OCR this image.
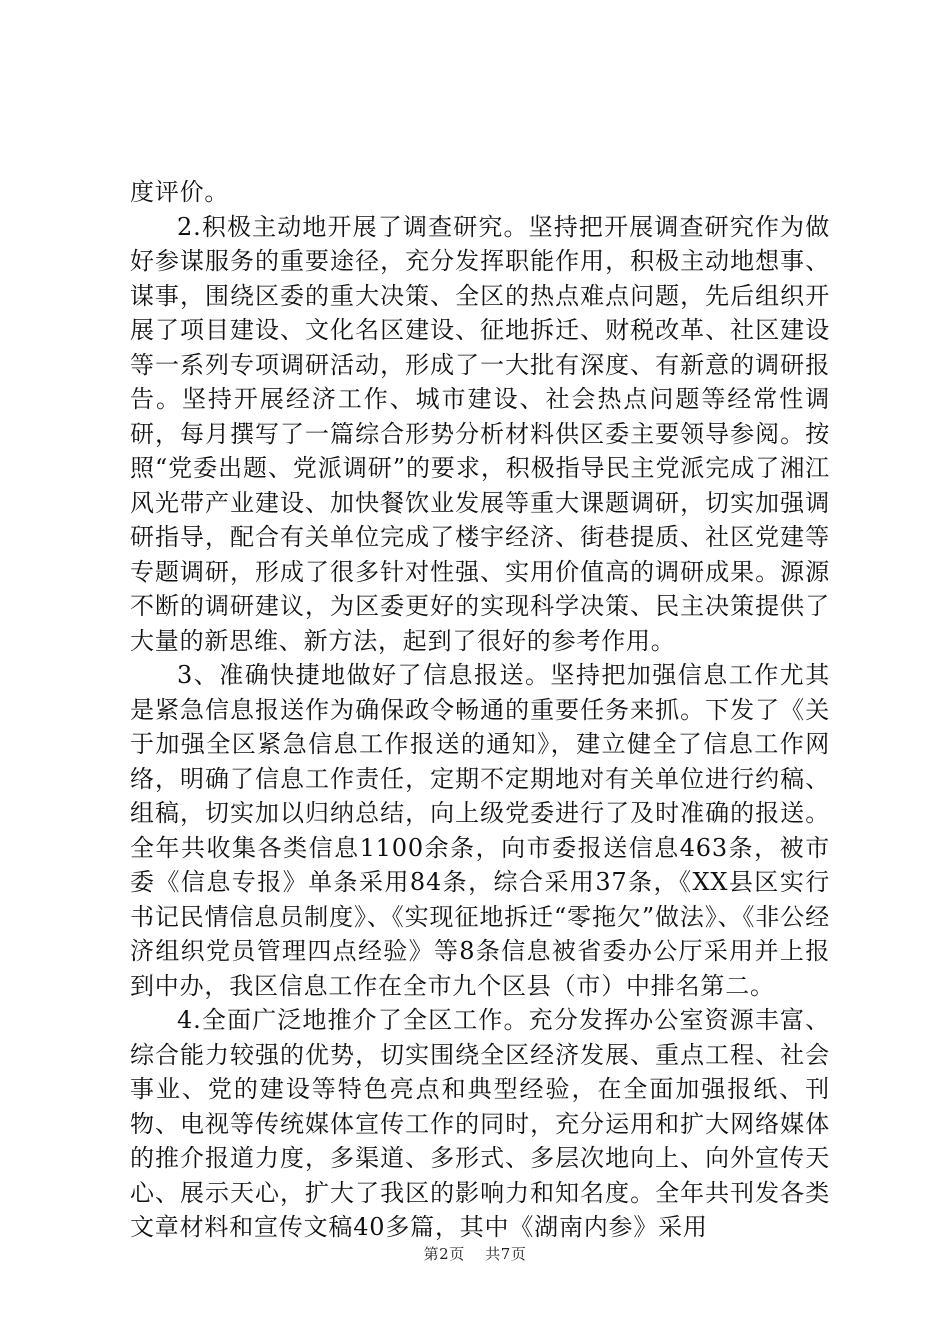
度评价。

2.积极主动地开展了调查研究。坚持把开展调查研究作为做好参谋服务的重要途径，充分发挥职能作用，积极主动地想事、谋事，围绕区委的重大决策、全区的热点难点问题，先后组织开展了项目建设、文化名区建设、征地拆迁、财税改革、社区建设等一系列专项调研活动，形成了一大批有深度、有新意的调研报告。坚持开展经济工作、城市建设、社会热点问题等经常性调研，每月撰写了一篇综合形势分析材料供区委主要领导参阅。按照“党委出题、党派调研”的要求，积极指导民主党派完成了湘江风光带产业建设、加快餐饮业发展等重大课题调研，切实加强调研指导，配合有关单位完成了楼宇经济、街巷提质、社区党建等专题调研，形成了很多针对性强、实用价值高的调研成果。源源不断的调研建议，为区委更好的实现科学决策、民主决策提供了大量的新思维、新方法，起到了很好的参考作用。

3、准确快捷地做好了信息报送。坚持把加强信息工作尤其是紧急信息报送作为确保政令畅通的重要任务来抓。下发了《关于加强全区紧急信息工作报送的通知》，建立健全了信息工作网络，明确了信息工作责任，定期不定期地对有关单位进行约稿、组稿，切实加以归纳总结，向上级党委进行了及时准确的报送。全年共收集各类信息1100余条，向市委报送信息463条，被市委《信息专报》单条采用84条，综合采用37条，《XX县区实行书记民情信息员制度》、《实现征地拆迁“零拖欠”做法》、《非公经济组织党员管理四点经验》等8条信息被省委办公厅采用并上报到中办，我区信息工作在全市九个区县（市）中排名第二。

4.全面广泛地推介了全区工作。充分发挥办公室资源丰富、综合能力较强的优势，切实围绕全区经济发展、重点工程、社会事业、党的建设等特色亮点和典型经验，在全面加强报纸、刊物、电视等传统媒体宣传工作的同时，充分运用和扩大网络媒体的推介报道力度，多渠道、多形式、多层次地向上、向外宣传天心、展示天心，扩大了我区的影响力和知名度。全年共刊发各类文章材料和宣传文稿40多篇，其中《湖南内参》采用

第2页 共7页
